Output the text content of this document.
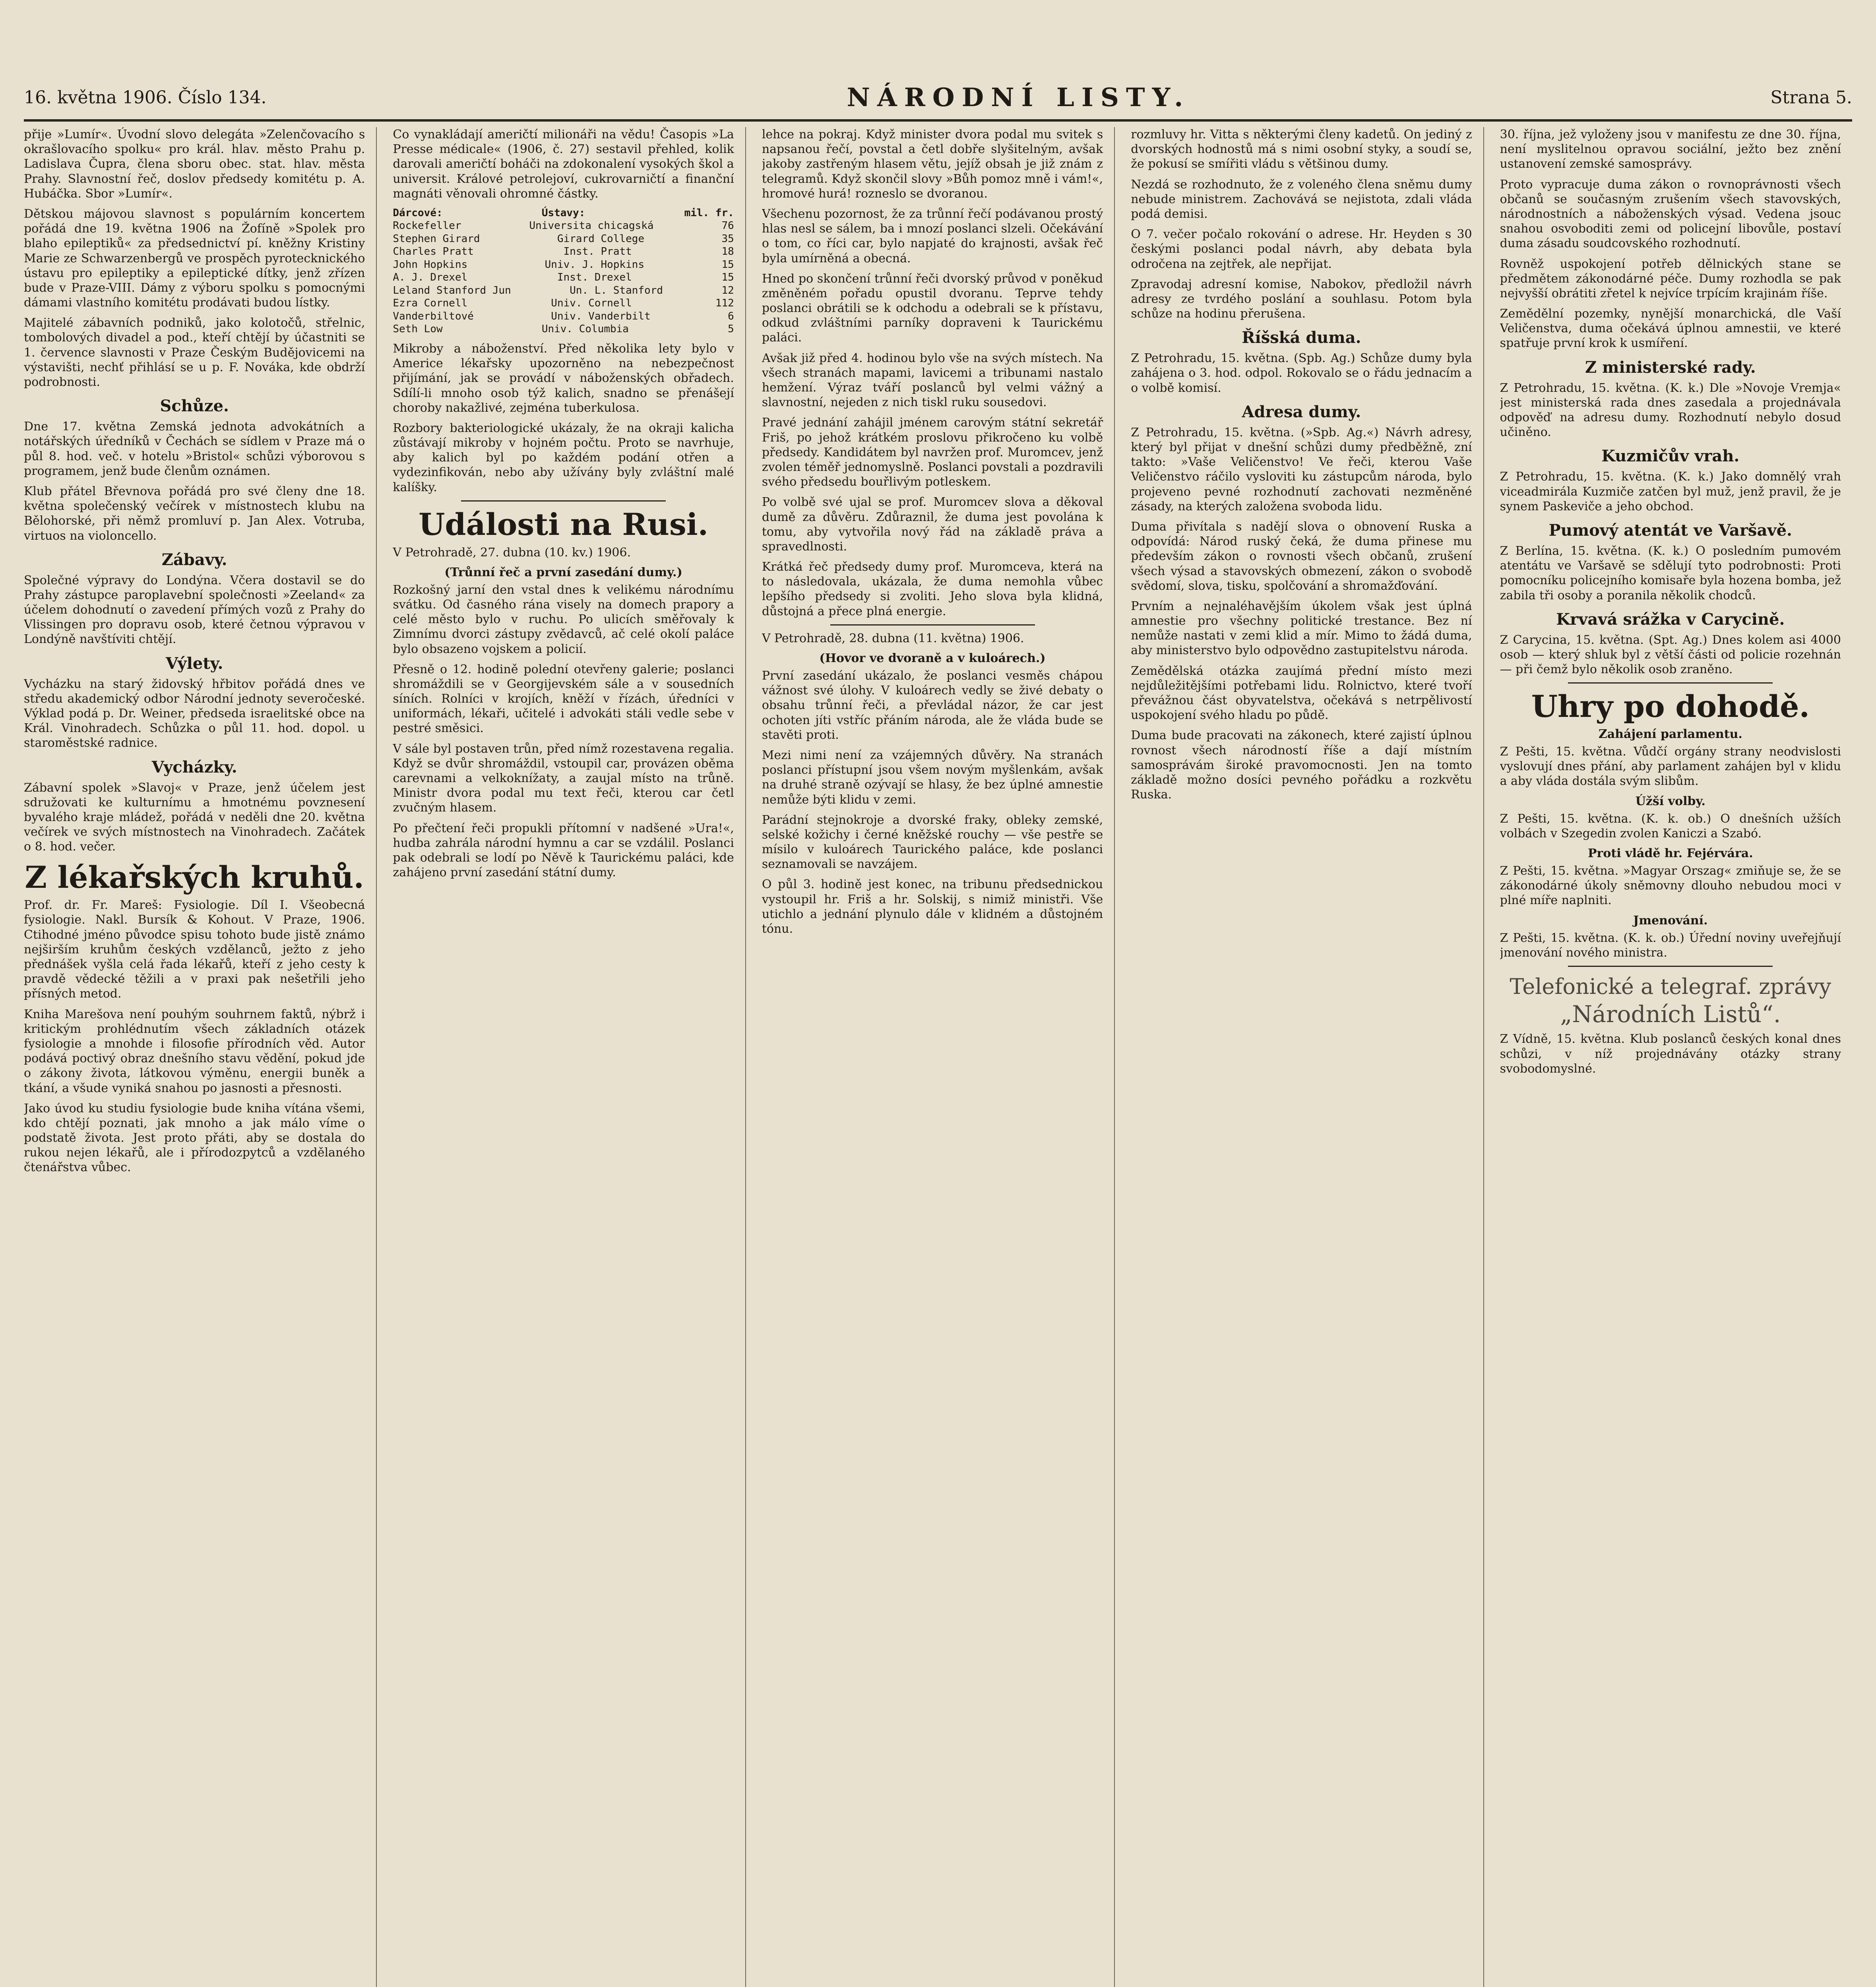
16. května 1906. Číslo 134.	NÁRODNÍ LISTY.	Strana 5.

přije »Lumír«. Úvodní slovo delegáta »Zelenčovacího s okrašlovacího spolku« pro král. hlav. město Prahu p. Ladislava Čupra, člena sboru obec. stat. hlav. města Prahy. Slavnostní řeč, doslov předsedy komitétu p. A. Hubáčka. Sbor »Lumír«.

Dětskou májovou slavnost s populárním koncertem pořádá dne 19. května 1906 na Žofíně »Spolek pro blaho epileptiků« za předsednictví pí. kněžny Kristiny Marie ze Schwarzenbergů ve prospěch pyrotecknického ústavu pro epileptiky a epileptické dítky, jenž zřízen bude v Praze-VIII. Dámy z výboru spolku s pomocnými dámami vlastního komitétu prodávati budou lístky.

Majitelé zábavních podniků, jako kolotočů, střelnic, tombolových divadel a pod., kteří chtějí by účastniti se 1. července slavnosti v Praze Českým Budějovicemi na výstavišti, nechť přihlásí se u p. F. Nováka, kde obdrží podrobnosti.

Schůze.

Dne 17. května Zemská jednota advokátních a notářských úředníků v Čechách se sídlem v Praze má o půl 8. hod. več. v hotelu »Bristol« schůzi výborovou s programem, jenž bude členům oznámen.

Klub přátel Břevnova pořádá pro své členy dne 18. května společenský večírek v místnostech klubu na Bělohorské, při němž promluví p. Jan Alex. Votruba, virtuos na violoncello.

Zábavy.

Společné výpravy do Londýna. Včera dostavil se do Prahy zástupce paroplavební společnosti »Zeeland« za účelem dohodnutí o zavedení přímých vozů z Prahy do Vlissingen pro dopravu osob, které četnou výpravou v Londýně navštíviti chtějí.

Výlety.

Vycházku na starý židovský hřbitov pořádá dnes ve středu akademický odbor Národní jednoty severočeské. Výklad podá p. Dr. Weiner, předseda israelitské obce na Král. Vinohradech. Schůzka o půl 11. hod. dopol. u staroměstské radnice.

Vycházky.

Zábavní spolek »Slavoj« v Praze, jenž účelem jest sdružovati ke kulturnímu a hmotnému povznesení byvalého kraje mládež, pořádá v neděli dne 20. května večírek ve svých místnostech na Vinohradech. Začátek o 8. hod. večer.

Z lékařských kruhů.

Prof. dr. Fr. Mareš: Fysiologie. Díl I. Všeobecná fysiologie. Nakl. Bursík & Kohout. V Praze, 1906. Ctihodné jméno původce spisu tohoto bude jistě známo nejširším kruhům českých vzdělanců, ježto z jeho přednášek vyšla celá řada lékařů, kteří z jeho cesty k pravdě vědecké těžili a v praxi pak nešetřili jeho přísných metod.

Kniha Marešova není pouhým souhrnem faktů, nýbrž i kritickým prohlédnutím všech základních otázek fysiologie a mnohde i filosofie přírodních věd. Autor podává poctivý obraz dnešního stavu vědění, pokud jde o zákony života, látkovou výměnu, energii buněk a tkání, a všude vyniká snahou po jasnosti a přesnosti.

Jako úvod ku studiu fysiologie bude kniha vítána všemi, kdo chtějí poznati, jak mnoho a jak málo víme o podstatě života. Jest proto přáti, aby se dostala do rukou nejen lékařů, ale i přírodozpytců a vzdělaného čtenářstva vůbec.

Co vynakládají američtí milionáři na vědu! Časopis »La Presse médicale« (1906, č. 27) sestavil přehled, kolik darovali američtí boháči na zdokonalení vysokých škol a universit. Králové petrolejoví, cukrovarničtí a finanční magnáti věnovali ohromné částky.

Dárcové:	Ústavy:	mil. fr.
Rockefeller	Universita chicagská	76
Stephen Girard	Girard College	35
Charles Pratt	Inst. Pratt	18
John Hopkins	Univ. J. Hopkins	15
A. J. Drexel	Inst. Drexel	15
Leland Stanford Jun	Un. L. Stanford	12
Ezra Cornell	Univ. Cornell	112
Vanderbiltové	Univ. Vanderbilt	6
Seth Low	Univ. Columbia	5

Mikroby a náboženství. Před několika lety bylo v Americe lékařsky upozorněno na nebezpečnost přijímání, jak se provádí v náboženských obřadech. Sdílí-li mnoho osob týž kalich, snadno se přenášejí choroby nakažlivé, zejména tuberkulosa.

Rozbory bakteriologické ukázaly, že na okraji kalicha zůstávají mikroby v hojném počtu. Proto se navrhuje, aby kalich byl po každém podání otřen a vydezinfikován, nebo aby užívány byly zvláštní malé kalíšky.

Události na Rusi.

V Petrohradě, 27. dubna (10. kv.) 1906.

(Trůnní řeč a první zasedání dumy.)

Rozkošný jarní den vstal dnes k velikému národnímu svátku. Od časného rána visely na domech prapory a celé město bylo v ruchu. Po ulicích směřovaly k Zimnímu dvorci zástupy zvědavců, ač celé okolí paláce bylo obsazeno vojskem a policií.

Přesně o 12. hodině polední otevřeny galerie; poslanci shromáždili se v Georgijevském sále a v sousedních síních. Rolníci v krojích, kněží v řízách, úředníci v uniformách, lékaři, učitelé i advokáti stáli vedle sebe v pestré směsici.

V sále byl postaven trůn, před nímž rozestavena regalia. Když se dvůr shromáždil, vstoupil car, provázen oběma carevnami a velkoknížaty, a zaujal místo na trůně. Ministr dvora podal mu text řeči, kterou car četl zvučným hlasem.

Po přečtení řeči propukli přítomní v nadšené »Ura!«, hudba zahrála národní hymnu a car se vzdálil. Poslanci pak odebrali se lodí po Něvě k Taurickému paláci, kde zahájeno první zasedání státní dumy.

lehce na pokraj. Když minister dvora podal mu svitek s napsanou řečí, povstal a četl dobře slyšitelným, avšak jakoby zastřeným hlasem větu, jejíž obsah je již znám z telegramů. Když skončil slovy »Bůh pomoz mně i vám!«, hromové hurá! rozneslo se dvoranou.

Všechenu pozornost, že za trůnní řečí podávanou prostý hlas nesl se sálem, ba i mnozí poslanci slzeli. Očekávání o tom, co říci car, bylo napjaté do krajnosti, avšak řeč byla umírněná a obecná.

Hned po skončení trůnní řeči dvorský průvod v poněkud změněném pořadu opustil dvoranu. Teprve tehdy poslanci obrátili se k odchodu a odebrali se k přístavu, odkud zvláštními parníky dopraveni k Taurickému paláci.

Avšak již před 4. hodinou bylo vše na svých místech. Na všech stranách mapami, lavicemi a tribunami nastalo hemžení. Výraz tváří poslanců byl velmi vážný a slavnostní, nejeden z nich tiskl ruku sousedovi.

Pravé jednání zahájil jménem carovým státní sekretář Friš, po jehož krátkém proslovu přikročeno ku volbě předsedy. Kandidátem byl navržen prof. Muromcev, jenž zvolen téměř jednomyslně. Poslanci povstali a pozdravili svého předsedu bouřlivým potleskem.

Po volbě své ujal se prof. Muromcev slova a děkoval dumě za důvěru. Zdůraznil, že duma jest povolána k tomu, aby vytvořila nový řád na základě práva a spravedlnosti.

Krátká řeč předsedy dumy prof. Muromceva, která na to následovala, ukázala, že duma nemohla vůbec lepšího předsedy si zvoliti. Jeho slova byla klidná, důstojná a přece plná energie.

V Petrohradě, 28. dubna (11. května) 1906.

(Hovor ve dvoraně a v kuloárech.)

První zasedání ukázalo, že poslanci vesměs chápou vážnost své úlohy. V kuloárech vedly se živé debaty o obsahu trůnní řeči, a převládal názor, že car jest ochoten jíti vstříc přáním národa, ale že vláda bude se stavěti proti.

Mezi nimi není za vzájemných důvěry. Na stranách poslanci přístupní jsou všem novým myšlenkám, avšak na druhé straně ozývají se hlasy, že bez úplné amnestie nemůže býti klidu v zemi.

Parádní stejnokroje a dvorské fraky, obleky zemské, selské kožichy i černé kněžské rouchy — vše pestře se mísilo v kuloárech Taurického paláce, kde poslanci seznamovali se navzájem.

O půl 3. hodině jest konec, na tribunu předsednickou vystoupil hr. Friš a hr. Solskij, s nimiž ministři. Vše utichlo a jednání plynulo dále v klidném a důstojném tónu.

rozmluvy hr. Vitta s některými členy kadetů. On jediný z dvorských hodnostů má s nimi osobní styky, a soudí se, že pokusí se smířiti vládu s většinou dumy.

Nezdá se rozhodnuto, že z voleného člena sněmu dumy nebude ministrem. Zachovává se nejistota, zdali vláda podá demisi.

O 7. večer počalo rokování o adrese. Hr. Heyden s 30 českými poslanci podal návrh, aby debata byla odročena na zejtřek, ale nepřijat.

Zpravodaj adresní komise, Nabokov, předložil návrh adresy ze tvrdého poslání a souhlasu. Potom byla schůze na hodinu přerušena.

Říšská duma.

Z Petrohradu, 15. května. (Spb. Ag.) Schůze dumy byla zahájena o 3. hod. odpol. Rokovalo se o řádu jednacím a o volbě komisí.

Adresa dumy.

Z Petrohradu, 15. května. (»Spb. Ag.«) Návrh adresy, který byl přijat v dnešní schůzi dumy předběžně, zní takto: »Vaše Veličenstvo! Ve řeči, kterou Vaše Veličenstvo ráčilo vysloviti ku zástupcům národa, bylo projeveno pevné rozhodnutí zachovati nezměněné zásady, na kterých založena svoboda lidu.

Duma přivítala s nadějí slova o obnovení Ruska a odpovídá: Národ ruský čeká, že duma přinese mu především zákon o rovnosti všech občanů, zrušení všech výsad a stavovských obmezení, zákon o svobodě svědomí, slova, tisku, spolčování a shromažďování.

Prvním a nejnaléhavějším úkolem však jest úplná amnestie pro všechny politické trestance. Bez ní nemůže nastati v zemi klid a mír. Mimo to žádá duma, aby ministerstvo bylo odpovědno zastupitelstvu národa.

Zemědělská otázka zaujímá přední místo mezi nejdůležitějšími potřebami lidu. Rolnictvo, které tvoří převážnou část obyvatelstva, očekává s netrpělivostí uspokojení svého hladu po půdě.

Duma bude pracovati na zákonech, které zajistí úplnou rovnost všech národností říše a dají místním samosprávám široké pravomocnosti. Jen na tomto základě možno dosíci pevného pořádku a rozkvětu Ruska.

30. října, jež vyloženy jsou v manifestu ze dne 30. října, není myslitelnou opravou sociální, ježto bez znění ustanovení zemské samosprávy.

Proto vypracuje duma zákon o rovnoprávnosti všech občanů se současným zrušením všech stavovských, národnostních a náboženských výsad. Vedena jsouc snahou osvoboditi zemi od policejní libovůle, postaví duma zásadu soudcovského rozhodnutí.

Rovněž uspokojení potřeb dělnických stane se předmětem zákonodárné péče. Dumy rozhodla se pak nejvyšší obrátiti zřetel k nejvíce trpícím krajinám říše.

Zemědělní pozemky, nynější monarchická, dle Vaší Veličenstva, duma očekává úplnou amnestii, ve které spatřuje první krok k usmíření.

Z ministerské rady.

Z Petrohradu, 15. května. (K. k.) Dle »Novoje Vremja« jest ministerská rada dnes zasedala a projednávala odpověď na adresu dumy. Rozhodnutí nebylo dosud učiněno.

Kuzmičův vrah.

Z Petrohradu, 15. května. (K. k.) Jako domnělý vrah viceadmirála Kuzmiče zatčen byl muž, jenž pravil, že je synem Paskeviče a jeho obchod.

Pumový atentát ve Varšavě.

Z Berlína, 15. května. (K. k.) O posledním pumovém atentátu ve Varšavě se sdělují tyto podrobnosti: Proti pomocníku policejního komisaře byla hozena bomba, jež zabila tři osoby a poranila několik chodců.

Krvavá srážka v Carycině.

Z Carycina, 15. května. (Spt. Ag.) Dnes kolem asi 4000 osob — který shluk byl z větší části od policie rozehnán — při čemž bylo několik osob zraněno.

Uhry po dohodě.
Zahájení parlamentu.

Z Pešti, 15. května. Vůdčí orgány strany neodvislosti vyslovují dnes přání, aby parlament zahájen byl v klidu a aby vláda dostála svým slibům.

Úžší volby.

Z Pešti, 15. května. (K. k. ob.) O dnešních užších volbách v Szegedin zvolen Kaniczi a Szabó.

Proti vládě hr. Fejérvára.

Z Pešti, 15. května. »Magyar Orszag« zmiňuje se, že se zákonodárné úkoly sněmovny dlouho nebudou moci v plné míře naplniti.

Jmenování.

Z Pešti, 15. května. (K. k. ob.) Úřední noviny uveřejňují jmenování nového ministra.

Telefonické a telegraf. zprávy
„Národních Listů“.

Z Vídně, 15. května. Klub poslanců českých konal dnes schůzi, v níž projednávány otázky strany svobodomyslné.
